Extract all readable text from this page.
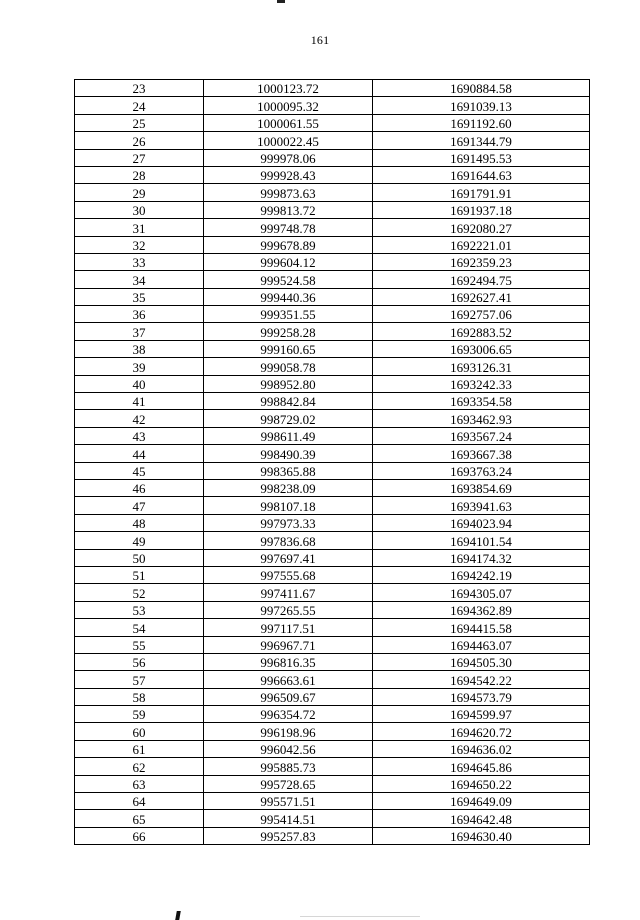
161
23	1000123.72	1690884.58
24	1000095.32	1691039.13
25	1000061.55	1691192.60
26	1000022.45	1691344.79
27	999978.06	1691495.53
28	999928.43	1691644.63
29	999873.63	1691791.91
30	999813.72	1691937.18
31	999748.78	1692080.27
32	999678.89	1692221.01
33	999604.12	1692359.23
34	999524.58	1692494.75
35	999440.36	1692627.41
36	999351.55	1692757.06
37	999258.28	1692883.52
38	999160.65	1693006.65
39	999058.78	1693126.31
40	998952.80	1693242.33
41	998842.84	1693354.58
42	998729.02	1693462.93
43	998611.49	1693567.24
44	998490.39	1693667.38
45	998365.88	1693763.24
46	998238.09	1693854.69
47	998107.18	1693941.63
48	997973.33	1694023.94
49	997836.68	1694101.54
50	997697.41	1694174.32
51	997555.68	1694242.19
52	997411.67	1694305.07
53	997265.55	1694362.89
54	997117.51	1694415.58
55	996967.71	1694463.07
56	996816.35	1694505.30
57	996663.61	1694542.22
58	996509.67	1694573.79
59	996354.72	1694599.97
60	996198.96	1694620.72
61	996042.56	1694636.02
62	995885.73	1694645.86
63	995728.65	1694650.22
64	995571.51	1694649.09
65	995414.51	1694642.48
66	995257.83	1694630.40
